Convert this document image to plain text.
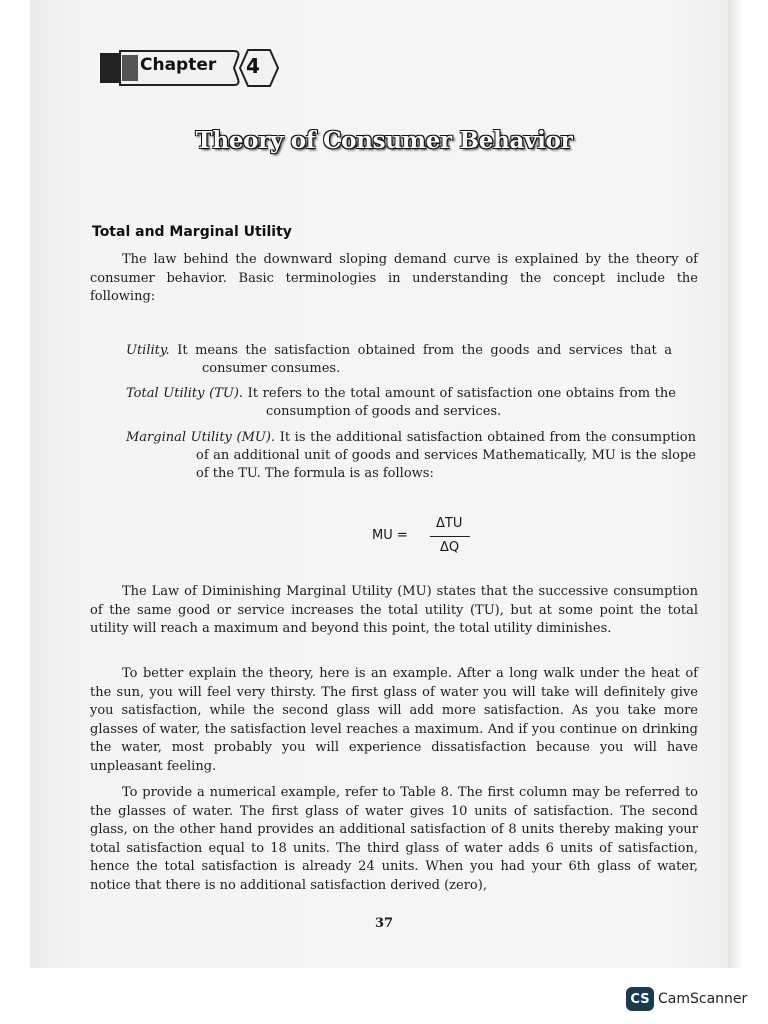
Chapter 4
Theory of Consumer Behavior
Total and Marginal Utility
The law behind the downward sloping demand curve is explained by the theory of consumer behavior. Basic terminologies in understanding the concept include the following:
Utility. It means the satisfaction obtained from the goods and services that a consumer consumes.
Total Utility (TU). It refers to the total amount of satisfaction one obtains from the consumption of goods and services.
Marginal Utility (MU). It is the additional satisfaction obtained from the consumption of an additional unit of goods and services Mathematically, MU is the slope of the TU. The formula is as follows:
MU =
ΔTU
ΔQ
The Law of Diminishing Marginal Utility (MU) states that the successive consumption of the same good or service increases the total utility (TU), but at some point the total utility will reach a maximum and beyond this point, the total utility diminishes.
To better explain the theory, here is an example. After a long walk under the heat of the sun, you will feel very thirsty. The first glass of water you will take will definitely give you satisfaction, while the second glass will add more satisfaction. As you take more glasses of water, the satisfaction level reaches a maximum. And if you continue on drinking the water, most probably you will experience dissatisfaction because you will have unpleasant feeling.
To provide a numerical example, refer to Table 8. The first column may be referred to the glasses of water. The first glass of water gives 10 units of satisfaction. The second glass, on the other hand provides an additional satisfaction of 8 units thereby making your total satisfaction equal to 18 units. The third glass of water adds 6 units of satisfaction, hence the total satisfaction is already 24 units. When you had your 6th glass of water, notice that there is no additional satisfaction derived (zero),
37
CS CamScanner
